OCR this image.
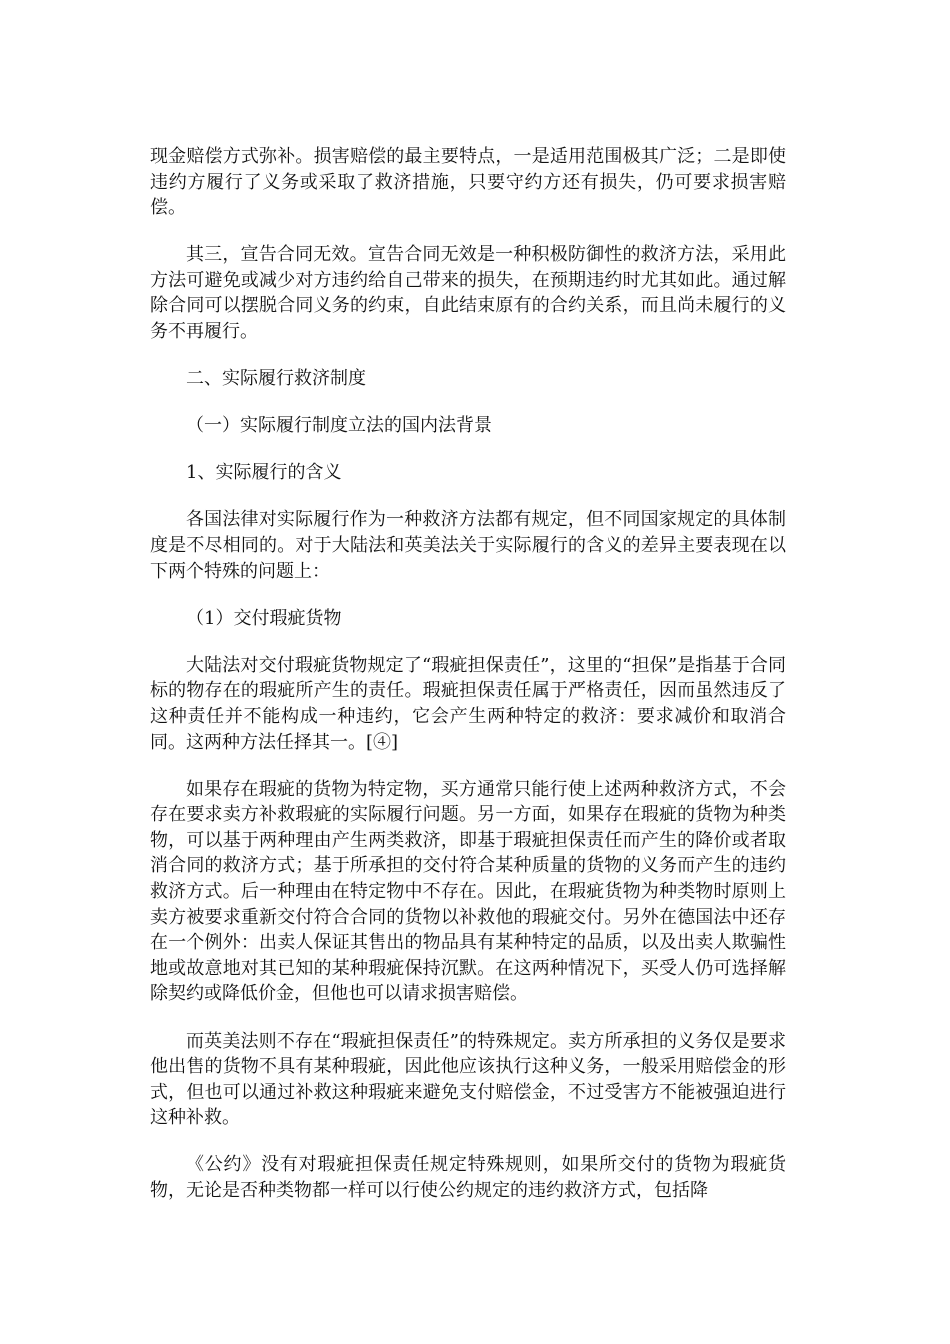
现金赔偿方式弥补。损害赔偿的最主要特点，一是适用范围极其广泛；二是即使违约方履行了义务或采取了救济措施，只要守约方还有损失，仍可要求损害赔偿。

其三，宣告合同无效。宣告合同无效是一种积极防御性的救济方法，采用此方法可避免或减少对方违约给自己带来的损失，在预期违约时尤其如此。通过解除合同可以摆脱合同义务的约束，自此结束原有的合约关系，而且尚未履行的义务不再履行。

二、实际履行救济制度
（一）实际履行制度立法的国内法背景
1、实际履行的含义

各国法律对实际履行作为一种救济方法都有规定，但不同国家规定的具体制度是不尽相同的。对于大陆法和英美法关于实际履行的含义的差异主要表现在以下两个特殊的问题上：

（1）交付瑕疵货物

大陆法对交付瑕疵货物规定了“瑕疵担保责任”，这里的“担保”是指基于合同标的物存在的瑕疵所产生的责任。瑕疵担保责任属于严格责任，因而虽然违反了这种责任并不能构成一种违约，它会产生两种特定的救济：要求减价和取消合同。这两种方法任择其一。[④]

如果存在瑕疵的货物为特定物，买方通常只能行使上述两种救济方式，不会存在要求卖方补救瑕疵的实际履行问题。另一方面，如果存在瑕疵的货物为种类物，可以基于两种理由产生两类救济，即基于瑕疵担保责任而产生的降价或者取消合同的救济方式；基于所承担的交付符合某种质量的货物的义务而产生的违约救济方式。后一种理由在特定物中不存在。因此，在瑕疵货物为种类物时原则上卖方被要求重新交付符合合同的货物以补救他的瑕疵交付。另外在德国法中还存在一个例外：出卖人保证其售出的物品具有某种特定的品质，以及出卖人欺骗性地或故意地对其已知的某种瑕疵保持沉默。在这两种情况下，买受人仍可选择解除契约或降低价金，但他也可以请求损害赔偿。

而英美法则不存在“瑕疵担保责任”的特殊规定。卖方所承担的义务仅是要求他出售的货物不具有某种瑕疵，因此他应该执行这种义务，一般采用赔偿金的形式，但也可以通过补救这种瑕疵来避免支付赔偿金，不过受害方不能被强迫进行这种补救。

《公约》没有对瑕疵担保责任规定特殊规则，如果所交付的货物为瑕疵货物，无论是否种类物都一样可以行使公约规定的违约救济方式，包括降
